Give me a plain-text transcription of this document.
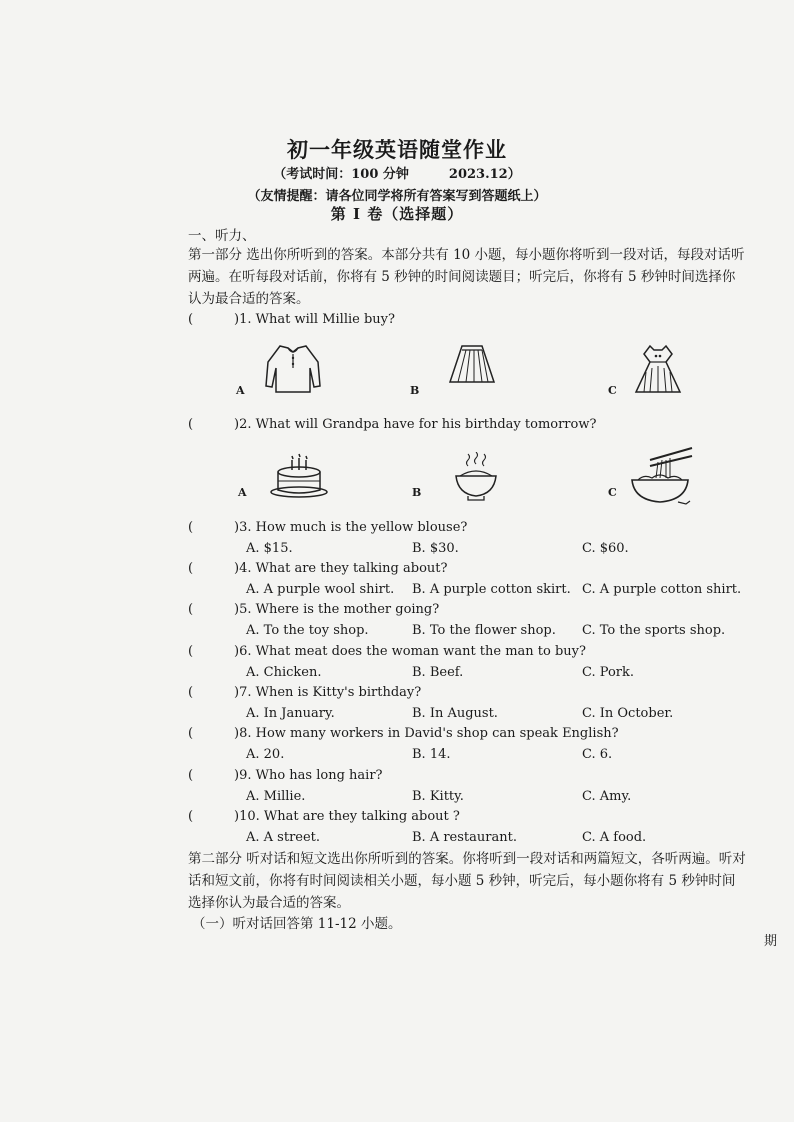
初一年级英语随堂作业
（考试时间：100 分钟	2023.12）
（友情提醒：请各位同学将所有答案写到答题纸上）
第 I 卷（选择题）
一、听力、
第一部分 选出你所听到的答案。本部分共有 10 小题，每小题你将听到一段对话，每段对话听两遍。在听每段对话前，你将有 5 秒钟的时间阅读题目；听完后，你将有 5 秒钟时间选择你认为最合适的答案。
(	)1. What will Millie buy?
A	B	C
(	)2. What will Grandpa have for his birthday tomorrow?
A	B	C
(	)3. How much is the yellow blouse?
A. $15.	B. $30.	C. $60.
(	)4. What are they talking about?
A. A purple wool shirt. B. A purple cotton skirt. C. A purple cotton shirt.
(	)5. Where is the mother going?
A. To the toy shop.	B. To the flower shop. C. To the sports shop.
(	)6. What meat does the woman want the man to buy?
A. Chicken.	B. Beef.	C. Pork.
(	)7. When is Kitty's birthday?
A. In January.	B. In August.	C. In October.
(	)8. How many workers in David's shop can speak English?
A. 20.	B. 14.	C. 6.
(	)9. Who has long hair?
A. Millie.	B. Kitty.	C. Amy.
(	)10. What are they talking about ?
A. A street.	B. A restaurant.	C. A food.
第二部分 听对话和短文选出你所听到的答案。你将听到一段对话和两篇短文，各听两遍。听对话和短文前，你将有时间阅读相关小题，每小题 5 秒钟，听完后，每小题你将有 5 秒钟时间选择你认为最合适的答案。
（一）听对话回答第 11-12 小题。
期
